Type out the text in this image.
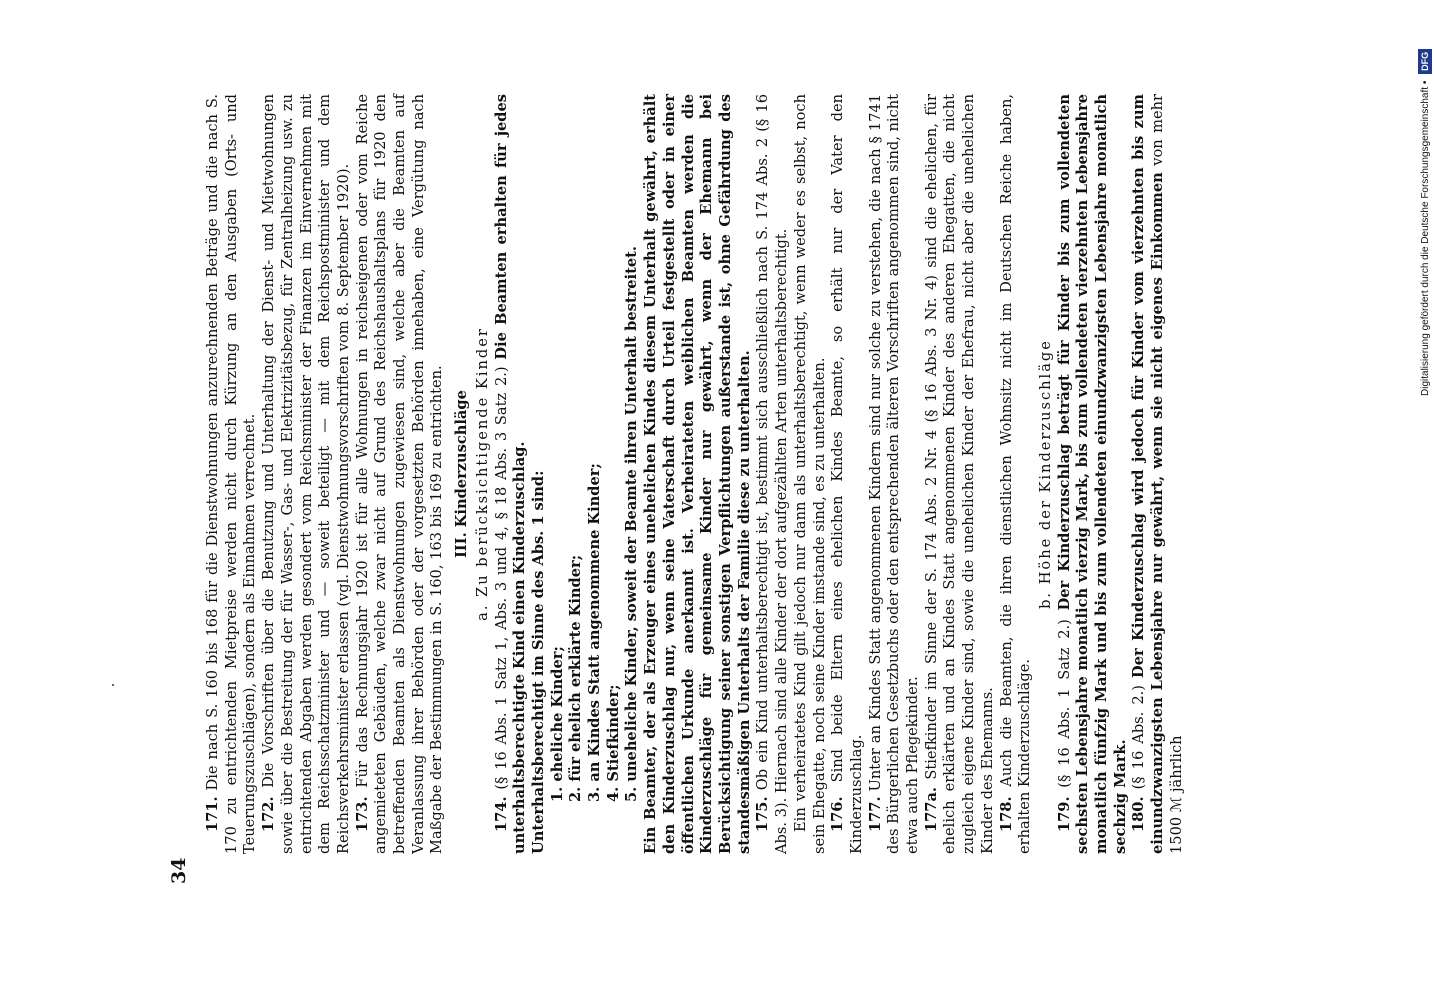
34

171. Die nach S. 160 bis 168 für die Dienstwohnungen anzurechnenden Beträge und die nach S. 170 zu entrichtenden Mietpreise werden nicht durch Kürzung an den Ausgaben (Orts- und Teuerungszuschlägen), sondern als Einnahmen verrechnet. 172. Die Vorschriften über die Benutzung und Unterhaltung der Dienst- und Mietwohnungen sowie über die Bestreitung der für Wasser-, Gas- und Elektrizitätsbezug, für Zentralheizung usw. zu entrichtenden Abgaben werden gesondert vom Reichsminister der Finanzen im Einvernehmen mit dem Reichsschatzminister und — soweit beteiligt — mit dem Reichspostminister und dem Reichsverkehrsminister erlassen (vgl. Dienstwohnungsvorschriften vom 8. September 1920). 173. Für das Rechnungsjahr 1920 ist für alle Wohnungen in reichseigenen oder vom Reiche angemieteten Gebäuden, welche zwar nicht auf Grund des Reichshaushaltsplans für 1920 den betreffenden Beamten als Dienstwohnungen zugewiesen sind, welche aber die Beamten auf Veranlassung ihrer Behörden oder der vorgesetzten Behörden innehaben, eine Vergütung nach Maßgabe der Bestimmungen in S. 160, 163 bis 169 zu entrichten. III. Kinderzuschläge a. Zu berücksichtigende Kinder

174. (§ 16 Abs. 1 Satz 1, Abs. 3 und 4, § 18 Abs. 3 Satz 2.) Die Beamten erhalten für jedes unterhaltsberechtigte Kind einen Kinderzuschlag. Unterhaltsberechtigt im Sinne des Abs. 1 sind: 1. eheliche Kinder; 2. für ehelich erklärte Kinder; 3. an Kindes Statt angenommene Kinder; 4. Stiefkinder; 5. uneheliche Kinder, soweit der Beamte ihren Unterhalt bestreitet. Ein Beamter, der als Erzeuger eines unehelichen Kindes diesem Unterhalt gewährt, erhält den Kinderzuschlag nur, wenn seine Vaterschaft durch Urteil festgestellt oder in einer öffentlichen Urkunde anerkannt ist. Verheirateten weiblichen Beamten werden die Kinderzuschläge für gemeinsame Kinder nur gewährt, wenn der Ehemann bei Berücksichtigung seiner sonstigen Verpflichtungen außerstande ist, ohne Gefährdung des standesmäßigen Unterhalts der Familie diese zu unterhalten. 175. Ob ein Kind unterhaltsberechtigt ist, bestimmt sich ausschließlich nach S. 174 Abs. 2 (§ 16 Abs. 3). Hiernach sind alle Kinder der dort aufgezählten Arten unterhaltsberechtigt. Ein verheiratetes Kind gilt jedoch nur dann als unterhaltsberechtigt, wenn weder es selbst, noch sein Ehegatte, noch seine Kinder imstande sind, es zu unterhalten. 176. Sind beide Eltern eines ehelichen Kindes Beamte, so erhält nur der Vater den Kinderzuschlag. 177. Unter an Kindes Statt angenommenen Kindern sind nur solche zu verstehen, die nach § 1741 des Bürgerlichen Gesetzbuchs oder den entsprechenden älteren Vorschriften angenommen sind, nicht etwa auch Pflegekinder. 177a. Stiefkinder im Sinne der S. 174 Abs. 2 Nr. 4 (§ 16 Abs. 3 Nr. 4) sind die ehelichen, für ehelich erklärten und an Kindes Statt angenommenen Kinder des anderen Ehegatten, die nicht zugleich eigene Kinder sind, sowie die unehelichen Kinder der Ehefrau, nicht aber die unehelichen Kinder des Ehemanns. 178. Auch die Beamten, die ihren dienstlichen Wohnsitz nicht im Deutschen Reiche haben, erhalten Kinderzuschläge.

b. Höhe der Kinderzuschläge

179. (§ 16 Abs. 1 Satz 2.) Der Kinderzuschlag beträgt für Kinder bis zum vollendeten sechsten Lebensjahre monatlich vierzig Mark, bis zum vollendeten vierzehnten Lebensjahre monatlich fünfzig Mark und bis zum vollendeten einundzwanzigsten Lebensjahre monatlich sechzig Mark. 180. (§ 16 Abs. 2.) Der Kinderzuschlag wird jedoch für Kinder vom vierzehnten bis zum einundzwanzigsten Lebensjahre nur gewährt, wenn sie nicht eigenes Einkommen von mehr 1500 ℳ jährlich

Digitalisierung gefördert durch die Deutsche Forschungsgemeinschaft • DFG
